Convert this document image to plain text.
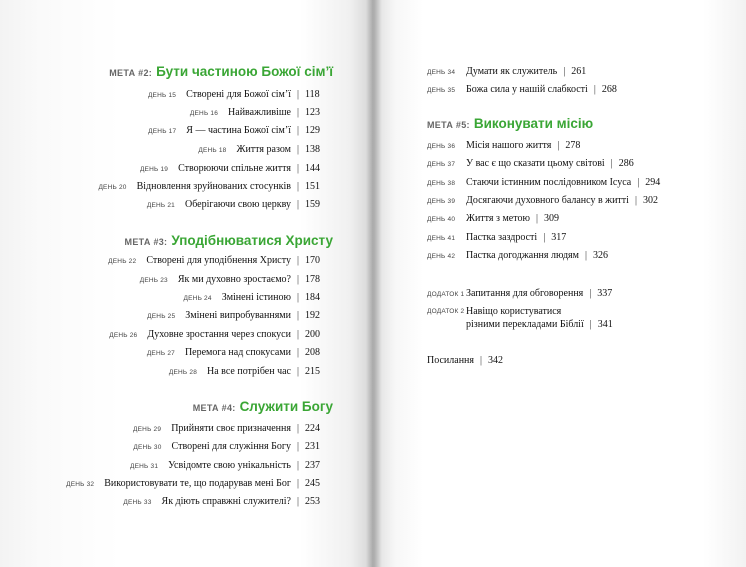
МЕТА #2: Бути частиною Божої сім’ї
ДЕНЬ 15 Створені для Божої сім’ї | 118
ДЕНЬ 16 Найважливіше | 123
ДЕНЬ 17 Я — частина Божої сім’ї | 129
ДЕНЬ 18 Життя разом | 138
ДЕНЬ 19 Створюючи спільне життя | 144
ДЕНЬ 20 Відновлення зруйнованих стосунків | 151
ДЕНЬ 21 Оберігаючи свою церкву | 159
МЕТА #3: Уподібнюватися Христу
ДЕНЬ 22 Створені для уподібнення Христу | 170
ДЕНЬ 23 Як ми духовно зростаємо? | 178
ДЕНЬ 24 Змінені істиною | 184
ДЕНЬ 25 Змінені випробуваннями | 192
ДЕНЬ 26 Духовне зростання через спокуси | 200
ДЕНЬ 27 Перемога над спокусами | 208
ДЕНЬ 28 На все потрібен час | 215
МЕТА #4: Служити Богу
ДЕНЬ 29 Прийняти своє призначення | 224
ДЕНЬ 30 Створені для служіння Богу | 231
ДЕНЬ 31 Усвідомте свою унікальність | 237
ДЕНЬ 32 Використовувати те, що подарував мені Бог | 245
ДЕНЬ 33 Як діють справжні служителі? | 253
ДЕНЬ 34	Думати як служитель | 261
ДЕНЬ 35	Божа сила у нашій слабкості | 268
МЕТА #5: Виконувати місію
ДЕНЬ 36	Місія нашого життя | 278
ДЕНЬ 37	У вас є що сказати цьому світові | 286
ДЕНЬ 38	Стаючи істинним послідовником Ісуса | 294
ДЕНЬ 39	Досягаючи духовного балансу в житті | 302
ДЕНЬ 40	Життя з метою | 309
ДЕНЬ 41	Пастка заздрості | 317
ДЕНЬ 42	Пастка догоджання людям | 326
ДОДАТОК 1 Запитання для обговорення | 337
ДОДАТОК 2 Навіщо користуватися
різними перекладами Біблії | 341
Посилання | 342
